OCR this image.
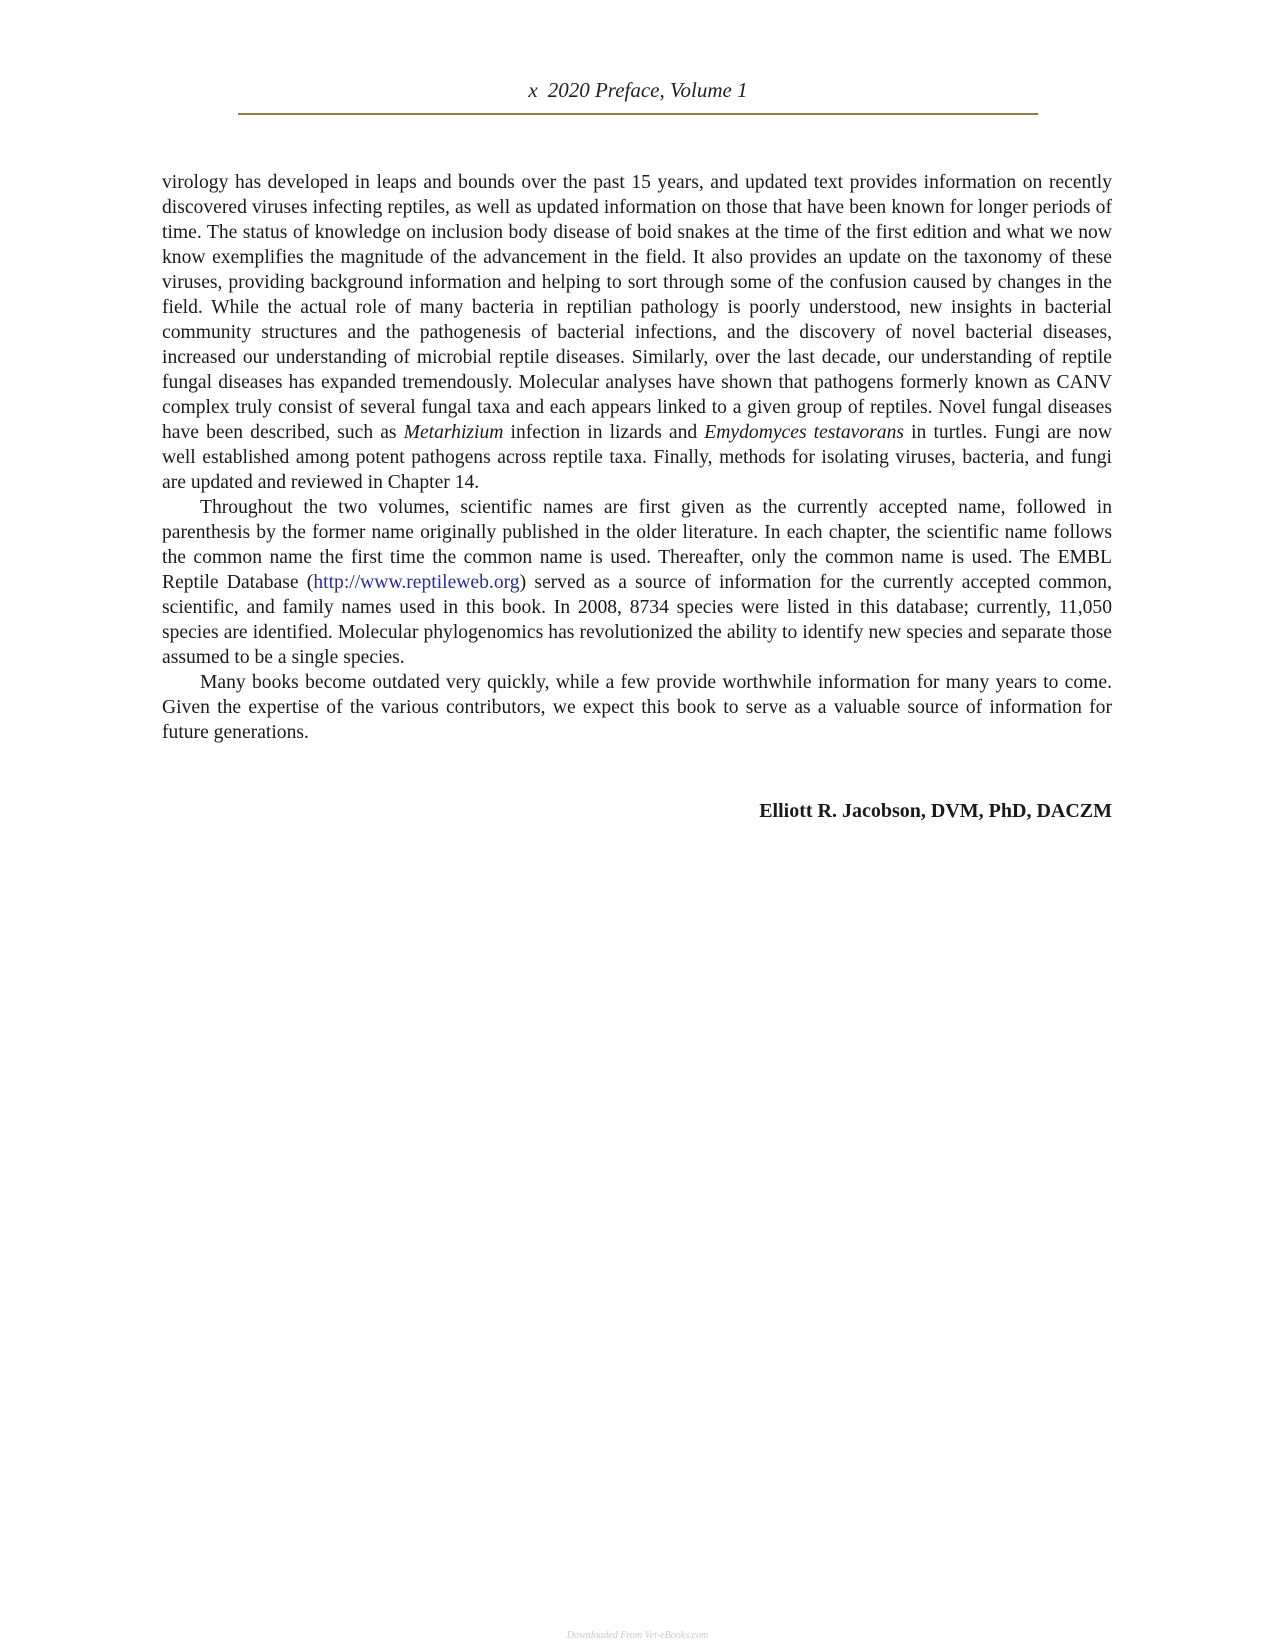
x 2020 Preface, Volume 1

virology has developed in leaps and bounds over the past 15 years, and updated text provides information on recently discovered viruses infecting reptiles, as well as updated information on those that have been known for longer periods of time. The status of knowledge on inclusion body disease of boid snakes at the time of the first edition and what we now know exemplifies the magnitude of the advancement in the field. It also provides an update on the taxonomy of these viruses, providing background information and helping to sort through some of the confusion caused by changes in the field. While the actual role of many bacteria in reptilian pathology is poorly understood, new insights in bacterial community structures and the pathogenesis of bacterial infections, and the discovery of novel bacterial diseases, increased our understanding of microbial reptile diseases. Similarly, over the last decade, our understanding of reptile fungal diseases has expanded tremendously. Molecular analyses have shown that pathogens formerly known as CANV complex truly consist of several fungal taxa and each appears linked to a given group of reptiles. Novel fungal diseases have been described, such as Metarhizium infection in lizards and Emydomyces testavorans in turtles. Fungi are now well established among potent pathogens across reptile taxa. Finally, methods for isolating viruses, bacteria, and fungi are updated and reviewed in Chapter 14.

Throughout the two volumes, scientific names are first given as the currently accepted name, followed in parenthesis by the former name originally published in the older literature. In each chapter, the scientific name follows the common name the first time the common name is used. Thereafter, only the common name is used. The EMBL Reptile Database (http://www.reptileweb.org) served as a source of information for the currently accepted common, scientific, and family names used in this book. In 2008, 8734 species were listed in this database; currently, 11,050 species are identified. Molecular phylogenomics has revolutionized the ability to identify new species and separate those assumed to be a single species.

Many books become outdated very quickly, while a few provide worthwhile information for many years to come. Given the expertise of the various contributors, we expect this book to serve as a valuable source of information for future generations.

Elliott R. Jacobson, DVM, PhD, DACZM
Downloaded From Vet-eBooks.com
